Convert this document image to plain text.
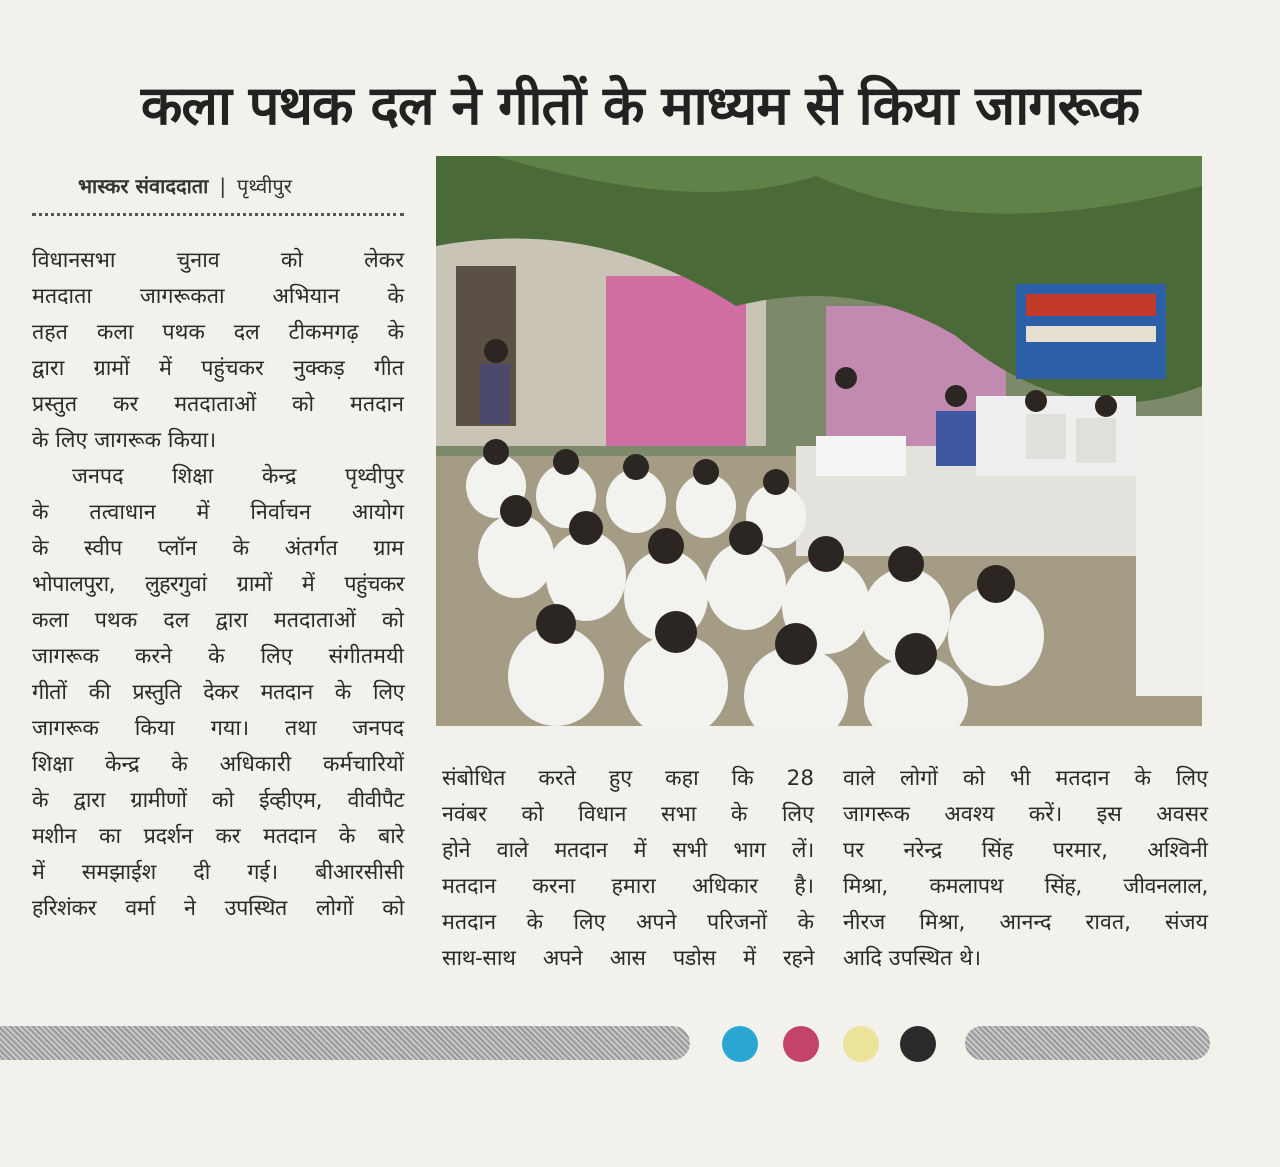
कला पथक दल ने गीतों के माध्यम से किया जागरूक
भास्कर संवाददाता | पृथ्वीपुर

विधानसभा चुनाव को लेकर

मतदाता जागरूकता अभियान के

तहत कला पथक दल टीकमगढ़ के

द्वारा ग्रामों में पहुंचकर नुक्कड़ गीत

प्रस्तुत कर मतदाताओं को मतदान

के लिए जागरूक किया।

जनपद शिक्षा केन्द्र पृथ्वीपुर

के तत्वाधान में निर्वाचन आयोग

के स्वीप प्लॉन के अंतर्गत ग्राम

भोपालपुरा, लुहरगुवां ग्रामों में पहुंचकर

कला पथक दल द्वारा मतदाताओं को

जागरूक करने के लिए संगीतमयी

गीतों की प्रस्तुति देकर मतदान के लिए

जागरूक किया गया। तथा जनपद

शिक्षा केन्द्र के अधिकारी कर्मचारियों

के द्वारा ग्रामीणों को ईव्हीएम, वीवीपैट

मशीन का प्रदर्शन कर मतदान के बारे

में समझाईश दी गई। बीआरसीसी

हरिशंकर वर्मा ने उपस्थित लोगों को

संबोधित करते हुए कहा कि 28

नवंबर को विधान सभा के लिए

होने वाले मतदान में सभी भाग लें।

मतदान करना हमारा अधिकार है।

मतदान के लिए अपने परिजनों के

साथ-साथ अपने आस पडोस में रहने

वाले लोगों को भी मतदान के लिए

जागरूक अवश्य करें। इस अवसर

पर नरेन्द्र सिंह परमार, अश्विनी

मिश्रा, कमलापथ सिंह, जीवनलाल,

नीरज मिश्रा, आनन्द रावत, संजय

आदि उपस्थित थे।
